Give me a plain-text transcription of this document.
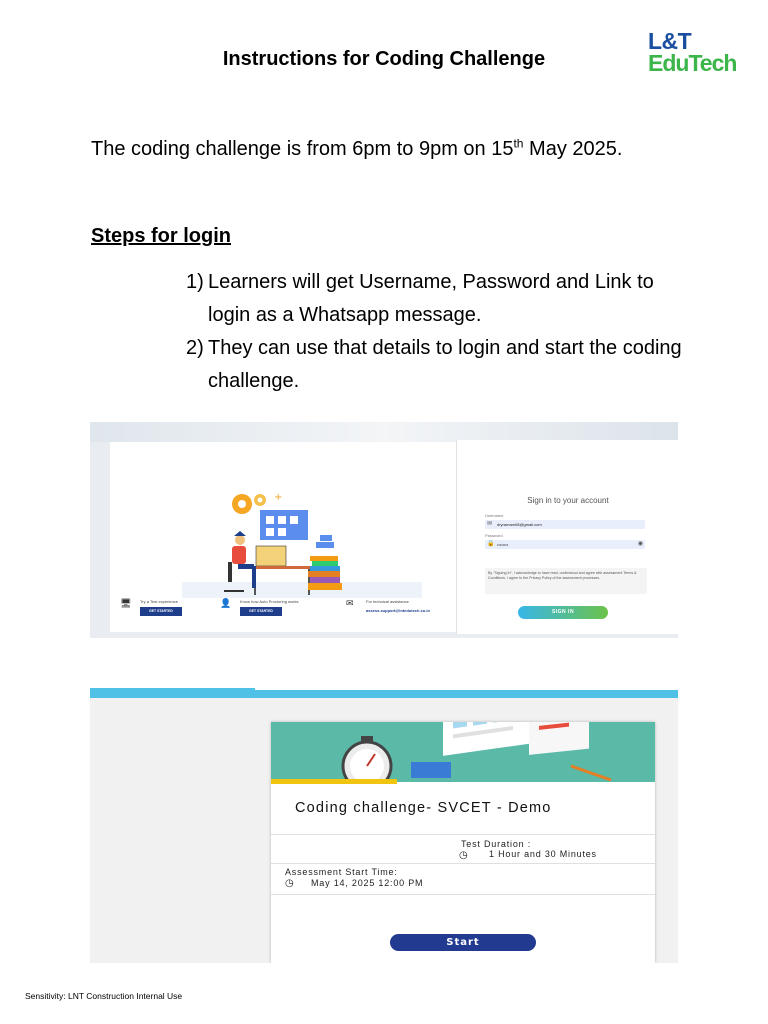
Instructions for Coding Challenge
L&T
EduTech
The coding challenge is from 6pm to 9pm on 15th May 2025.
Steps for login
1) Learners will get Username, Password and Link to login as a Whatsapp message.
2) They can use that details to login and start the coding challenge.
+	Sign in to your account
Username
✉ dryramam08@gmail.com
Password
🔒 ••••••••	◉
By "Signing In", I acknowledge to have read, understood and agree with assessment Terms & Conditions. I agree to the Privacy Policy of the assessment processes.
SIGN IN
🖥 Try a Test experience
GET STARTED
👤 Know how Auto Proctoring works
GET STARTED
✉	For technical assistance
assess.support@lntedutech.co.in
Coding challenge- SVCET - Demo
Test Duration :
◷ 1 Hour and 30 Minutes
Assessment Start Time:
◷ May 14, 2025 12:00 PM
Start
Sensitivity: LNT Construction Internal Use
